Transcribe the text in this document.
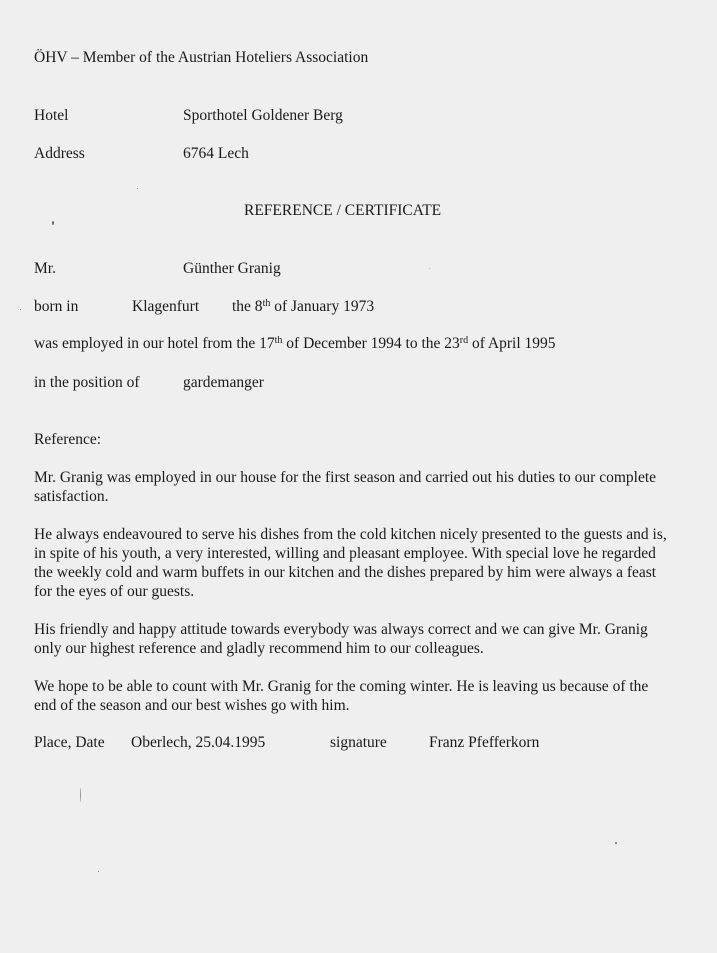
ÖHV – Member of the Austrian Hoteliers Association
Hotel	Sporthotel Goldener Berg
Address	6764 Lech
REFERENCE / CERTIFICATE
Mr.	Günther Granig
born in	Klagenfurt the 8th of January 1973
was employed in our hotel from the 17th of December 1994 to the 23rd of April 1995
in the position of	gardemanger
Reference:
Mr. Granig was employed in our house for the first season and carried out his duties to our complete satisfaction.
He always endeavoured to serve his dishes from the cold kitchen nicely presented to the guests and is, in spite of his youth, a very interested, willing and pleasant employee. With special love he regarded the weekly cold and warm buffets in our kitchen and the dishes prepared by him were always a feast for the eyes of our guests.
His friendly and happy attitude towards everybody was always correct and we can give Mr. Granig only our highest reference and gladly recommend him to our colleagues.
We hope to be able to count with Mr. Granig for the coming winter. He is leaving us because of the end of the season and our best wishes go with him.
Place, Date Oberlech, 25.04.1995	signature	Franz Pfefferkorn
